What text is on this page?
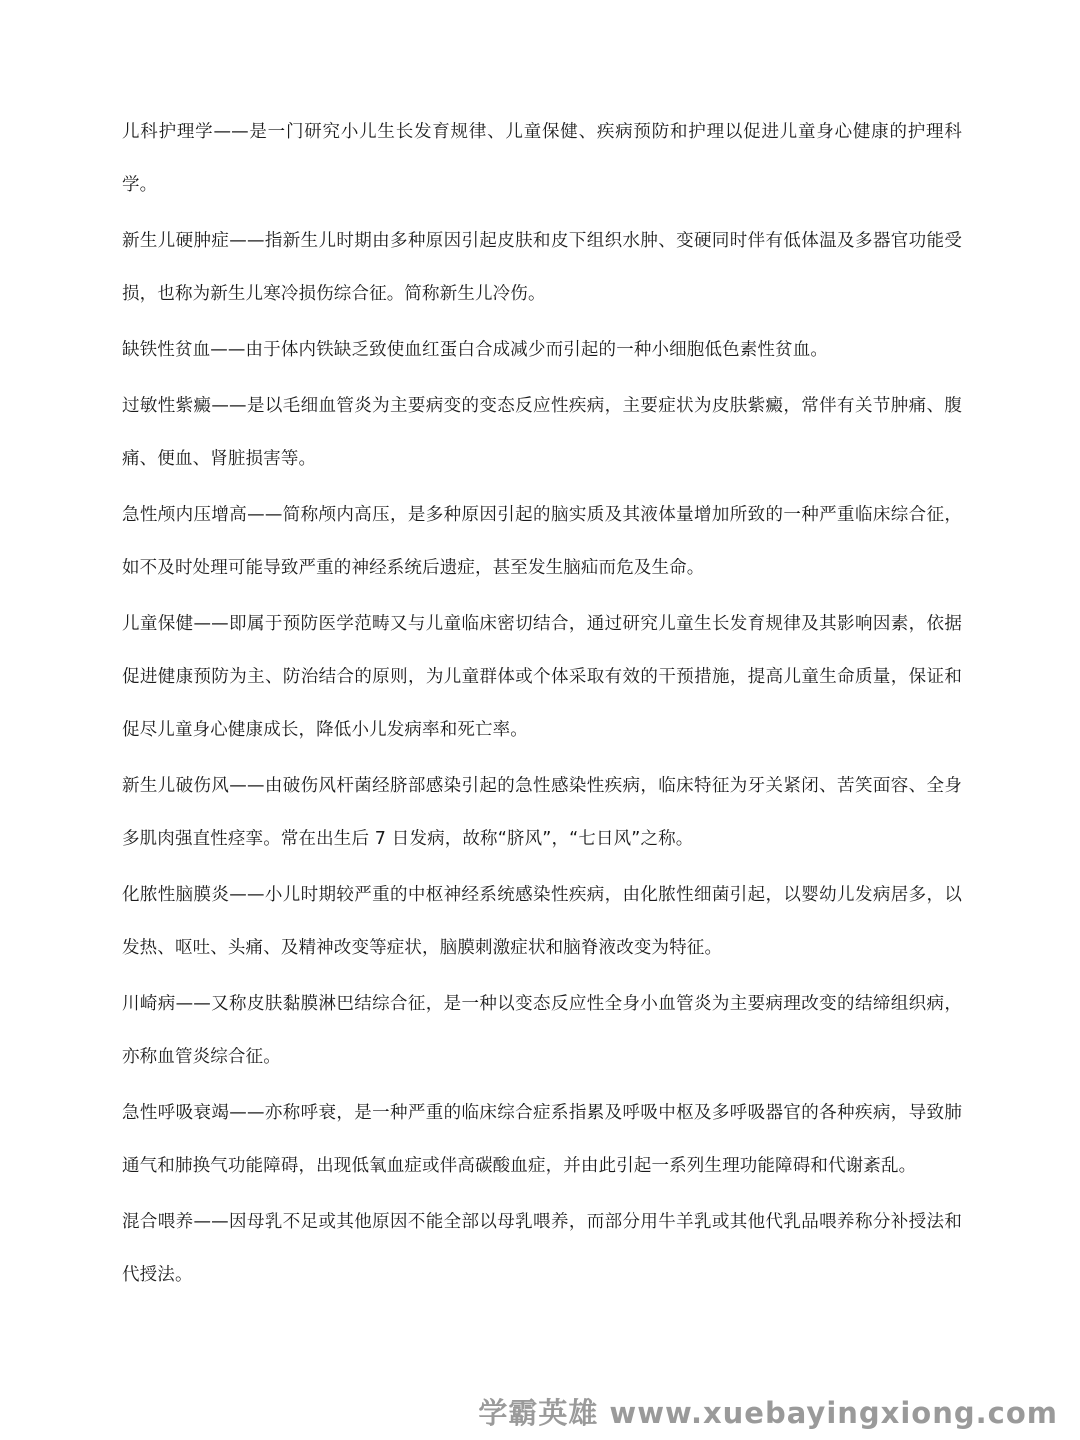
儿科护理学——是一门研究小儿生长发育规律、儿童保健、疾病预防和护理以促进儿童身心健康的护理科学。

新生儿硬肿症——指新生儿时期由多种原因引起皮肤和皮下组织水肿、变硬同时伴有低体温及多器官功能受损，也称为新生儿寒冷损伤综合征。简称新生儿冷伤。

缺铁性贫血——由于体内铁缺乏致使血红蛋白合成减少而引起的一种小细胞低色素性贫血。

过敏性紫癜——是以毛细血管炎为主要病变的变态反应性疾病，主要症状为皮肤紫癜，常伴有关节肿痛、腹痛、便血、肾脏损害等。

急性颅内压增高——简称颅内高压，是多种原因引起的脑实质及其液体量增加所致的一种严重临床综合征，如不及时处理可能导致严重的神经系统后遗症，甚至发生脑疝而危及生命。

儿童保健——即属于预防医学范畴又与儿童临床密切结合，通过研究儿童生长发育规律及其影响因素，依据促进健康预防为主、防治结合的原则，为儿童群体或个体采取有效的干预措施，提高儿童生命质量，保证和促尽儿童身心健康成长，降低小儿发病率和死亡率。

新生儿破伤风——由破伤风杆菌经脐部感染引起的急性感染性疾病，临床特征为牙关紧闭、苦笑面容、全身多肌肉强直性痉挛。常在出生后 7 日发病，故称“脐风”，“七日风”之称。

化脓性脑膜炎——小儿时期较严重的中枢神经系统感染性疾病，由化脓性细菌引起，以婴幼儿发病居多，以发热、呕吐、头痛、及精神改变等症状，脑膜刺激症状和脑脊液改变为特征。

川崎病——又称皮肤黏膜淋巴结综合征，是一种以变态反应性全身小血管炎为主要病理改变的结缔组织病，亦称血管炎综合征。

急性呼吸衰竭——亦称呼衰，是一种严重的临床综合症系指累及呼吸中枢及多呼吸器官的各种疾病，导致肺通气和肺换气功能障碍，出现低氧血症或伴高碳酸血症，并由此引起一系列生理功能障碍和代谢紊乱。

混合喂养——因母乳不足或其他原因不能全部以母乳喂养，而部分用牛羊乳或其他代乳品喂养称分补授法和代授法。

学霸英雄 www.xuebayingxiong.com
